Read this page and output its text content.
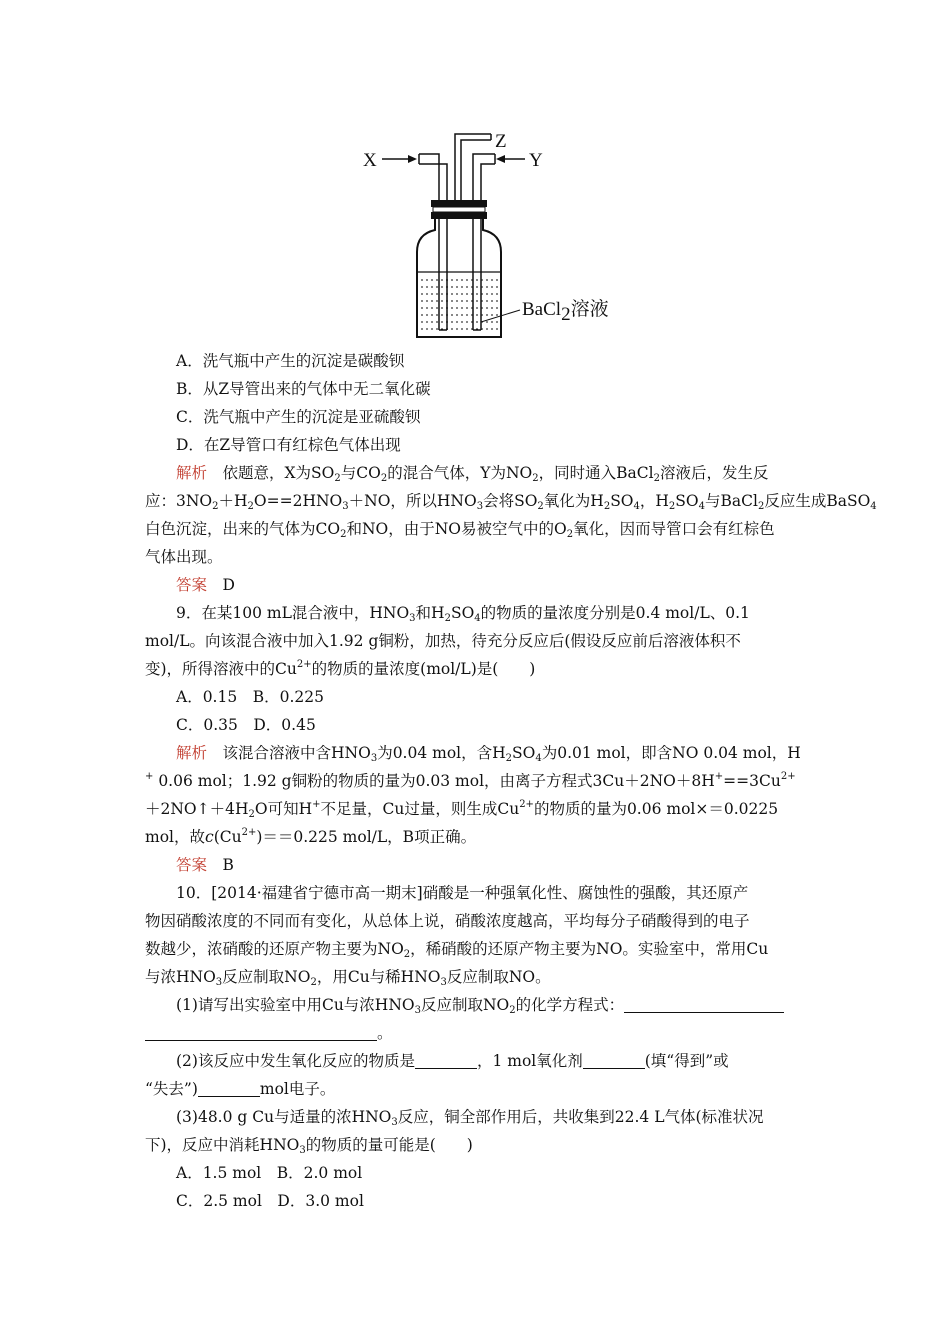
X
Z
Y
BaCl2溶液
A．洗气瓶中产生的沉淀是碳酸钡
B．从Z导管出来的气体中无二氧化碳
C．洗气瓶中产生的沉淀是亚硫酸钡
D．在Z导管口有红棕色气体出现
解析　依题意，X为$SO_2$与$CO_2$的混合气体，Y为$NO_2$，同时通入BaCl$_2$溶液后，发生反
应：$3NO_2+H_2O==2HNO_3+NO$，所以$HNO_3$会将$SO_2$氧化为$H_2SO_4$，$H_2SO_4$与BaCl$_2$反应生成BaSO$_4$
白色沉淀，出来的气体为$CO_2$和NO，由于NO易被空气中的$O_2$氧化，因而导管口会有红棕色
气体出现。
答案　 D
9．在某100 mL混合液中，$HNO_3$和$H_2SO_4$的物质的量浓度分别是0.4 mol/L、0.1
mol/L。向该混合液中加入1.92 g铜粉，加热，待充分反应后(假设反应前后溶液体积不
变)，所得溶液中的$Cu^{2+}$的物质的量浓度(mol/L)是(　　)
A．0.15　B．0.225
C．0.35　D．0.45
解析　该混合溶液中含$HNO_3$为0.04 mol，含$H_2SO_4$为0.01 mol，即含NO 0.04 mol，H
+ 0.06 mol；1.92 g铜粉的物质的量为0.03 mol，由离子方程式$3Cu+2NO+8H^+==3Cu^{2+}$
$+2NO↑+4H_2O$可知H+不足量，Cu过量，则生成$Cu^{2+}$的物质的量为0.06 mol×＝0.0225
mol，故$c(Cu^{2+})==0.225$ mol/L，B项正确。
答案　 B
10．[2014·福建省宁德市高一期末]硝酸是一种强氧化性、腐蚀性的强酸，其还原产
物因硝酸浓度的不同而有变化，从总体上说，硝酸浓度越高，平均每分子硝酸得到的电子
数越少，浓硝酸的还原产物主要为$NO_2$，稀硝酸的还原产物主要为NO。实验室中，常用Cu
与浓$HNO_3$反应制取$NO_2$，用Cu与稀$HNO_3$反应制取NO。
(1)请写出实验室中用Cu与浓$HNO_3$反应制取$NO_2$的化学方程式：
。
(2)该反应中发生氧化反应的物质是	，1 mol氧化剂	(填“得到”或
“失去”)	mol电子。
(3)48.0 g Cu与适量的浓$HNO_3$反应，铜全部作用后，共收集到22.4 L气体(标准状况
下)，反应中消耗$HNO_3$的物质的量可能是(　　)
A．1.5 mol　B．2.0 mol
C．2.5 mol　D．3.0 mol
